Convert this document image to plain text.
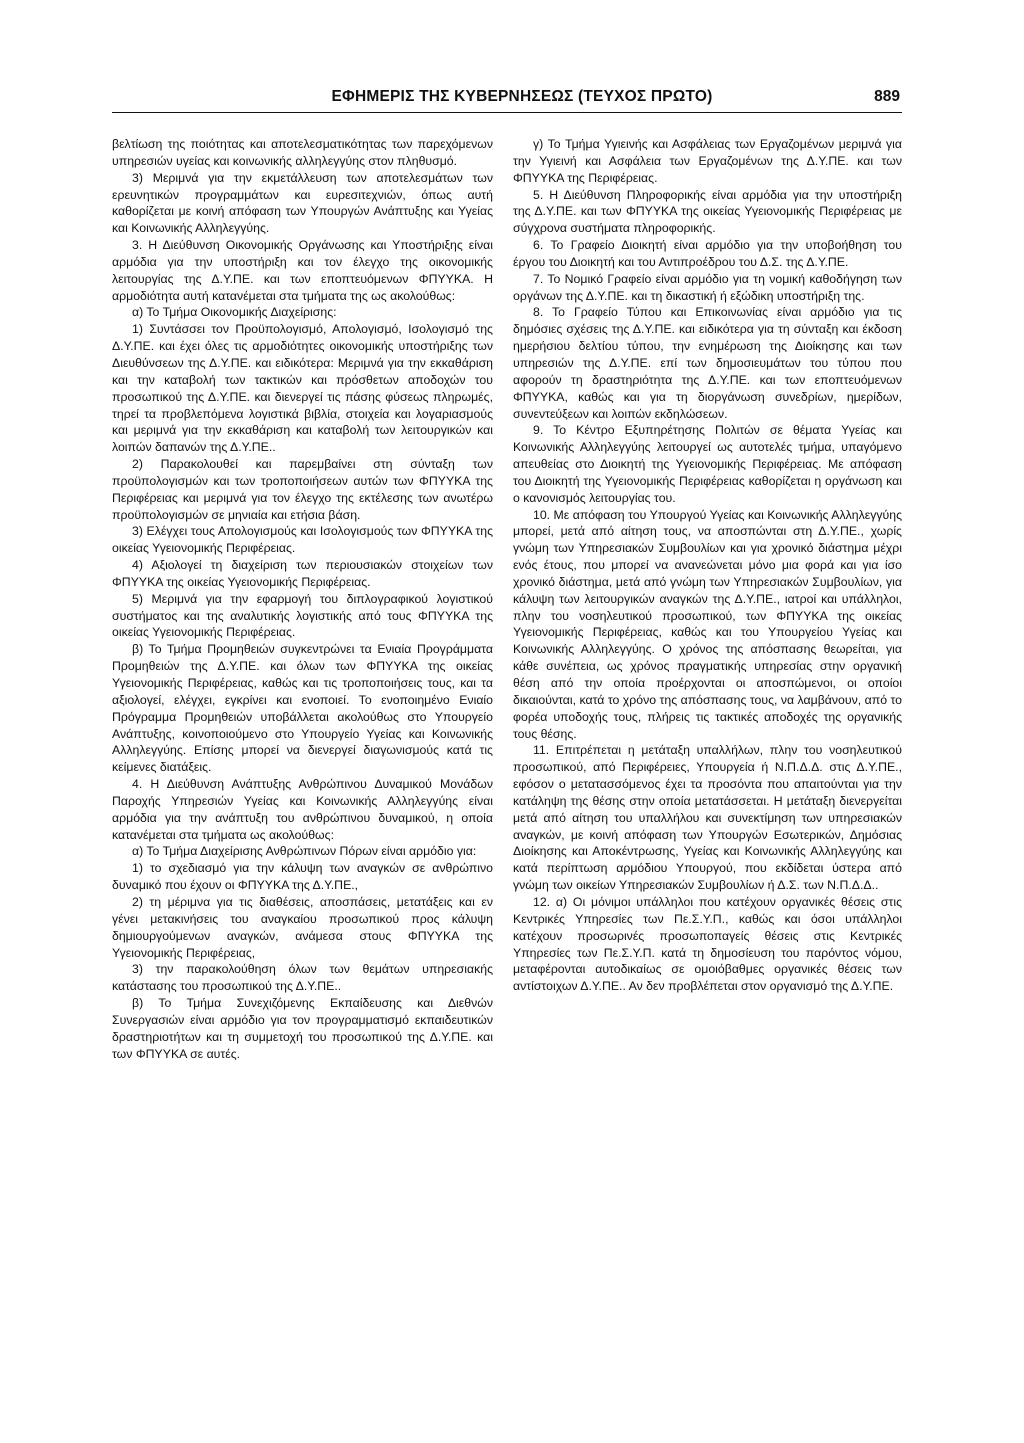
ΕΦΗΜΕΡΙΣ ΤΗΣ ΚΥΒΕΡΝΗΣΕΩΣ (ΤΕΥΧΟΣ ΠΡΩΤΟ)	889

βελτίωση της ποιότητας και αποτελεσματικότητας των παρεχόμενων υπηρεσιών υγείας και κοινωνικής αλληλεγγύης στον πληθυσμό.

3) Μεριμνά για την εκμετάλλευση των αποτελεσμάτων των ερευνητικών προγραμμάτων και ευρεσιτεχνιών, όπως αυτή καθορίζεται με κοινή απόφαση των Υπουργών Ανάπτυξης και Υγείας και Κοινωνικής Αλληλεγγύης.

3. Η Διεύθυνση Οικονομικής Οργάνωσης και Υποστήριξης είναι αρμόδια για την υποστήριξη και τον έλεγχο της οικονομικής λειτουργίας της Δ.Υ.ΠΕ. και των εποπτευόμενων ΦΠΥΥΚΑ. Η αρμοδιότητα αυτή κατανέμεται στα τμήματα της ως ακολούθως:

α) Το Τμήμα Οικονομικής Διαχείρισης:

1) Συντάσσει τον Προϋπολογισμό, Απολογισμό, Ισολογισμό της Δ.Υ.ΠΕ. και έχει όλες τις αρμοδιότητες οικονομικής υποστήριξης των Διευθύνσεων της Δ.Υ.ΠΕ. και ειδικότερα: Μεριμνά για την εκκαθάριση και την καταβολή των τακτικών και πρόσθετων αποδοχών του προσωπικού της Δ.Υ.ΠΕ. και διενεργεί τις πάσης φύσεως πληρωμές, τηρεί τα προβλεπόμενα λογιστικά βιβλία, στοιχεία και λογαριασμούς και μεριμνά για την εκκαθάριση και καταβολή των λειτουργικών και λοιπών δαπανών της Δ.Υ.ΠΕ..

2) Παρακολουθεί και παρεμβαίνει στη σύνταξη των προϋπολογισμών και των τροποποιήσεων αυτών των ΦΠΥΥΚΑ της Περιφέρειας και μεριμνά για τον έλεγχο της εκτέλεσης των ανωτέρω προϋπολογισμών σε μηνιαία και ετήσια βάση.

3) Ελέγχει τους Απολογισμούς και Ισολογισμούς των ΦΠΥΥΚΑ της οικείας Υγειονομικής Περιφέρειας.

4) Αξιολογεί τη διαχείριση των περιουσιακών στοιχείων των ΦΠΥΥΚΑ της οικείας Υγειονομικής Περιφέρειας.

5) Μεριμνά για την εφαρμογή του διπλογραφικού λογιστικού συστήματος και της αναλυτικής λογιστικής από τους ΦΠΥΥΚΑ της οικείας Υγειονομικής Περιφέρειας.

β) Το Τμήμα Προμηθειών συγκεντρώνει τα Ενιαία Προγράμματα Προμηθειών της Δ.Υ.ΠΕ. και όλων των ΦΠΥΥΚΑ της οικείας Υγειονομικής Περιφέρειας, καθώς και τις τροποποιήσεις τους, και τα αξιολογεί, ελέγχει, εγκρίνει και ενοποιεί. Το ενοποιημένο Ενιαίο Πρόγραμμα Προμηθειών υποβάλλεται ακολούθως στο Υπουργείο Ανάπτυξης, κοινοποιούμενο στο Υπουργείο Υγείας και Κοινωνικής Αλληλεγγύης. Επίσης μπορεί να διενεργεί διαγωνισμούς κατά τις κείμενες διατάξεις.

4. Η Διεύθυνση Ανάπτυξης Ανθρώπινου Δυναμικού Μονάδων Παροχής Υπηρεσιών Υγείας και Κοινωνικής Αλληλεγγύης είναι αρμόδια για την ανάπτυξη του ανθρώπινου δυναμικού, η οποία κατανέμεται στα τμήματα ως ακολούθως:

α) Το Τμήμα Διαχείρισης Ανθρώπινων Πόρων είναι αρμόδιο για:

1) το σχεδιασμό για την κάλυψη των αναγκών σε ανθρώπινο δυναμικό που έχουν οι ΦΠΥΥΚΑ της Δ.Υ.ΠΕ.,

2) τη μέριμνα για τις διαθέσεις, αποσπάσεις, μετατάξεις και εν γένει μετακινήσεις του αναγκαίου προσωπικού προς κάλυψη δημιουργούμενων αναγκών, ανάμεσα στους ΦΠΥΥΚΑ της Υγειονομικής Περιφέρειας,

3) την παρακολούθηση όλων των θεμάτων υπηρεσιακής κατάστασης του προσωπικού της Δ.Υ.ΠΕ..

β) Το Τμήμα Συνεχιζόμενης Εκπαίδευσης και Διεθνών Συνεργασιών είναι αρμόδιο για τον προγραμματισμό εκπαιδευτικών δραστηριοτήτων και τη συμμετοχή του προσωπικού της Δ.Υ.ΠΕ. και των ΦΠΥΥΚΑ σε αυτές.

γ) Το Τμήμα Υγιεινής και Ασφάλειας των Εργαζομένων μεριμνά για την Υγιεινή και Ασφάλεια των Εργαζομένων της Δ.Υ.ΠΕ. και των ΦΠΥΥΚΑ της Περιφέρειας.

5. Η Διεύθυνση Πληροφορικής είναι αρμόδια για την υποστήριξη της Δ.Υ.ΠΕ. και των ΦΠΥΥΚΑ της οικείας Υγειονομικής Περιφέρειας με σύγχρονα συστήματα πληροφορικής.

6. Το Γραφείο Διοικητή είναι αρμόδιο για την υποβοήθηση του έργου του Διοικητή και του Αντιπροέδρου του Δ.Σ. της Δ.Υ.ΠΕ.

7. Το Νομικό Γραφείο είναι αρμόδιο για τη νομική καθοδήγηση των οργάνων της Δ.Υ.ΠΕ. και τη δικαστική ή εξώδικη υποστήριξη της.

8. Το Γραφείο Τύπου και Επικοινωνίας είναι αρμόδιο για τις δημόσιες σχέσεις της Δ.Υ.ΠΕ. και ειδικότερα για τη σύνταξη και έκδοση ημερήσιου δελτίου τύπου, την ενημέρωση της Διοίκησης και των υπηρεσιών της Δ.Υ.ΠΕ. επί των δημοσιευμάτων του τύπου που αφορούν τη δραστηριότητα της Δ.Υ.ΠΕ. και των εποπτευόμενων ΦΠΥΥΚΑ, καθώς και για τη διοργάνωση συνεδρίων, ημερίδων, συνεντεύξεων και λοιπών εκδηλώσεων.

9. Το Κέντρο Εξυπηρέτησης Πολιτών σε θέματα Υγείας και Κοινωνικής Αλληλεγγύης λειτουργεί ως αυτοτελές τμήμα, υπαγόμενο απευθείας στο Διοικητή της Υγειονομικής Περιφέρειας. Με απόφαση του Διοικητή της Υγειονομικής Περιφέρειας καθορίζεται η οργάνωση και ο κανονισμός λειτουργίας του.

10. Με απόφαση του Υπουργού Υγείας και Κοινωνικής Αλληλεγγύης μπορεί, μετά από αίτηση τους, να αποσπώνται στη Δ.Υ.ΠΕ., χωρίς γνώμη των Υπηρεσιακών Συμβουλίων και για χρονικό διάστημα μέχρι ενός έτους, που μπορεί να ανανεώνεται μόνο μια φορά και για ίσο χρονικό διάστημα, μετά από γνώμη των Υπηρεσιακών Συμβουλίων, για κάλυψη των λειτουργικών αναγκών της Δ.Υ.ΠΕ., ιατροί και υπάλληλοι, πλην του νοσηλευτικού προσωπικού, των ΦΠΥΥΚΑ της οικείας Υγειονομικής Περιφέρειας, καθώς και του Υπουργείου Υγείας και Κοινωνικής Αλληλεγγύης. Ο χρόνος της απόσπασης θεωρείται, για κάθε συνέπεια, ως χρόνος πραγματικής υπηρεσίας στην οργανική θέση από την οποία προέρχονται οι αποσπώμενοι, οι οποίοι δικαιούνται, κατά το χρόνο της απόσπασης τους, να λαμβάνουν, από το φορέα υποδοχής τους, πλήρεις τις τακτικές αποδοχές της οργανικής τους θέσης.

11. Επιτρέπεται η μετάταξη υπαλλήλων, πλην του νοσηλευτικού προσωπικού, από Περιφέρειες, Υπουργεία ή Ν.Π.Δ.Δ. στις Δ.Υ.ΠΕ., εφόσον ο μετατασσόμενος έχει τα προσόντα που απαιτούνται για την κατάληψη της θέσης στην οποία μετατάσσεται. Η μετάταξη διενεργείται μετά από αίτηση του υπαλλήλου και συνεκτίμηση των υπηρεσιακών αναγκών, με κοινή απόφαση των Υπουργών Εσωτερικών, Δημόσιας Διοίκησης και Αποκέντρωσης, Υγείας και Κοινωνικής Αλληλεγγύης και κατά περίπτωση αρμόδιου Υπουργού, που εκδίδεται ύστερα από γνώμη των οικείων Υπηρεσιακών Συμβουλίων ή Δ.Σ. των Ν.Π.Δ.Δ..

12. α) Οι μόνιμοι υπάλληλοι που κατέχουν οργανικές θέσεις στις Κεντρικές Υπηρεσίες των Πε.Σ.Υ.Π., καθώς και όσοι υπάλληλοι κατέχουν προσωρινές προσωποπαγείς θέσεις στις Κεντρικές Υπηρεσίες των Πε.Σ.Υ.Π. κατά τη δημοσίευση του παρόντος νόμου, μεταφέρονται αυτοδικαίως σε ομοιόβαθμες οργανικές θέσεις των αντίστοιχων Δ.Υ.ΠΕ.. Αν δεν προβλέπεται στον οργανισμό της Δ.Υ.ΠΕ.
